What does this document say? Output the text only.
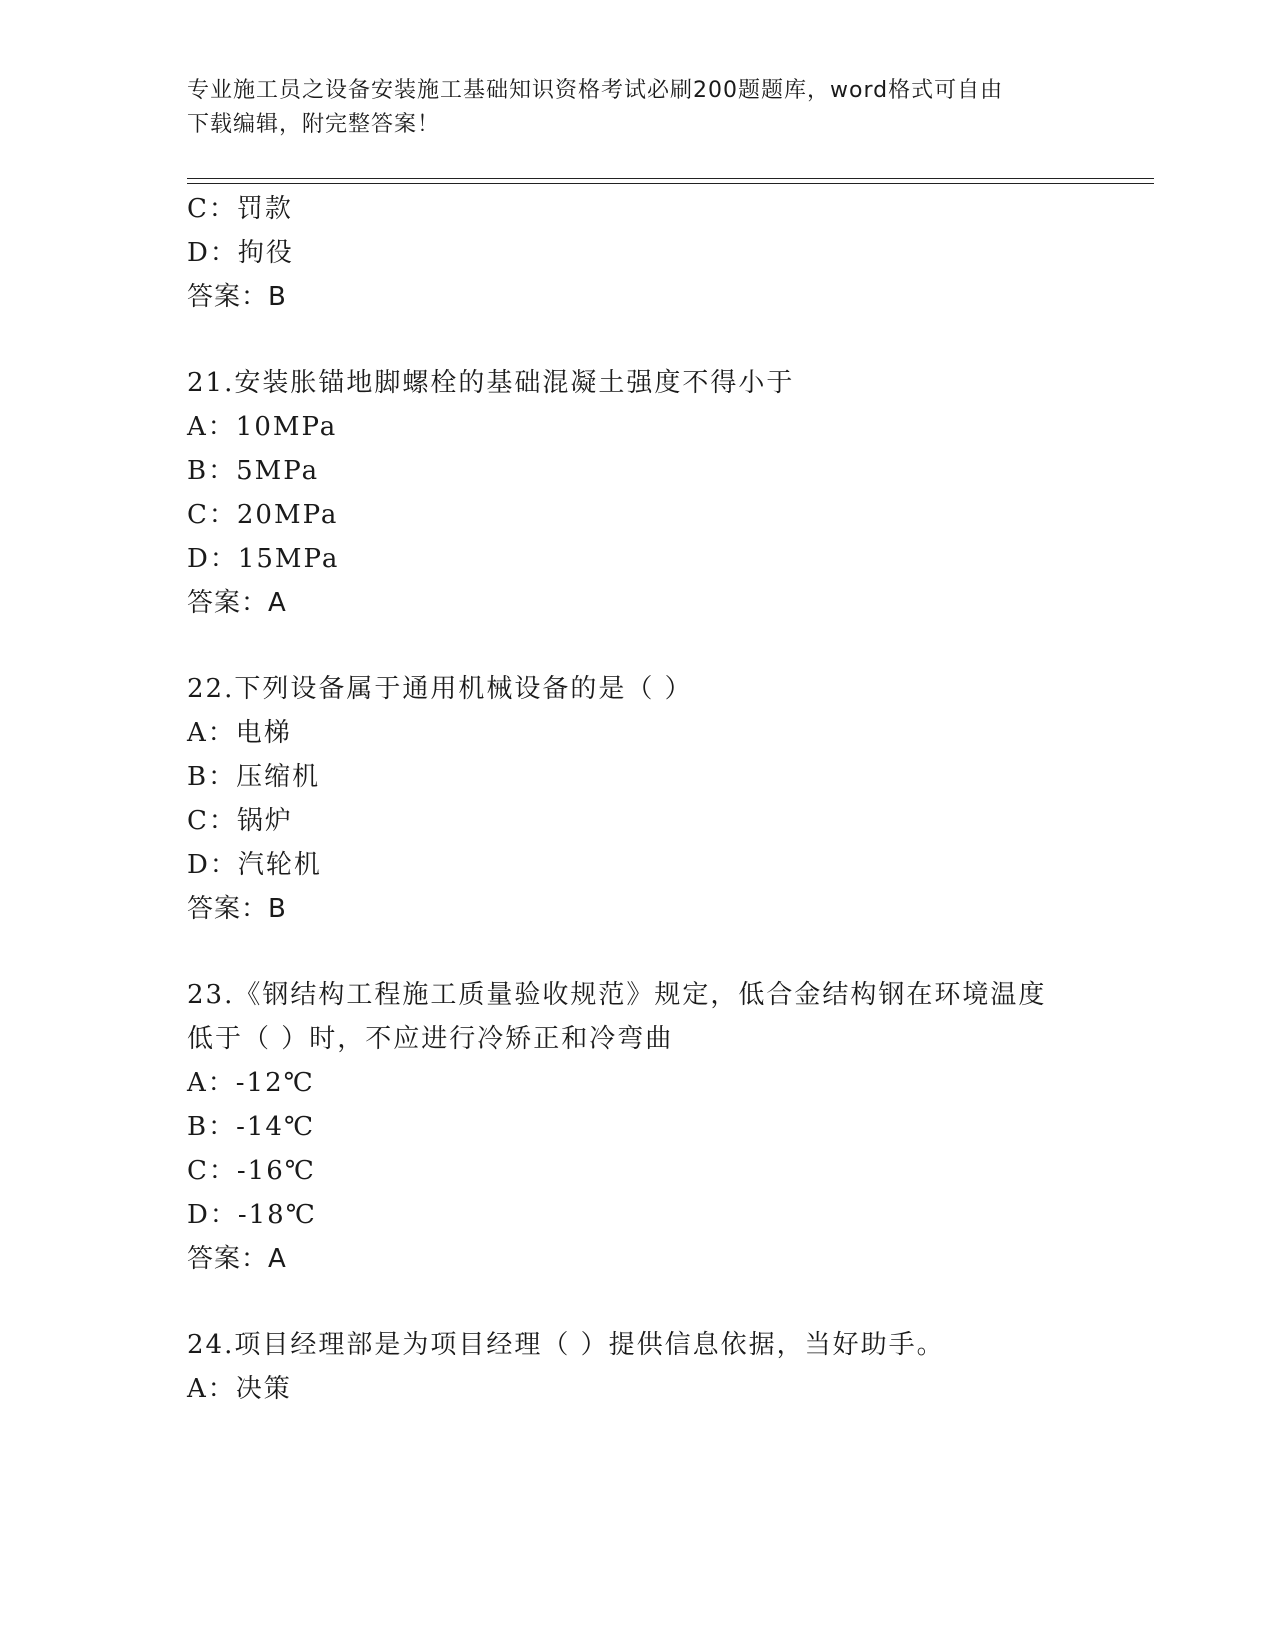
专业施工员之设备安装施工基础知识资格考试必刷200题题库，word格式可自由
下载编辑，附完整答案！
C：罚款
D：拘役
答案：B
21.安装胀锚地脚螺栓的基础混凝土强度不得小于
A：10MPa
B：5MPa
C：20MPa
D：15MPa
答案：A
22.下列设备属于通用机械设备的是（ ）
A：电梯
B：压缩机
C：锅炉
D：汽轮机
答案：B
23.《钢结构工程施工质量验收规范》规定，低合金结构钢在环境温度
低于（ ）时，不应进行冷矫正和冷弯曲
A：-12℃
B：-14℃
C：-16℃
D：-18℃
答案：A
24.项目经理部是为项目经理（ ）提供信息依据，当好助手。
A：决策
